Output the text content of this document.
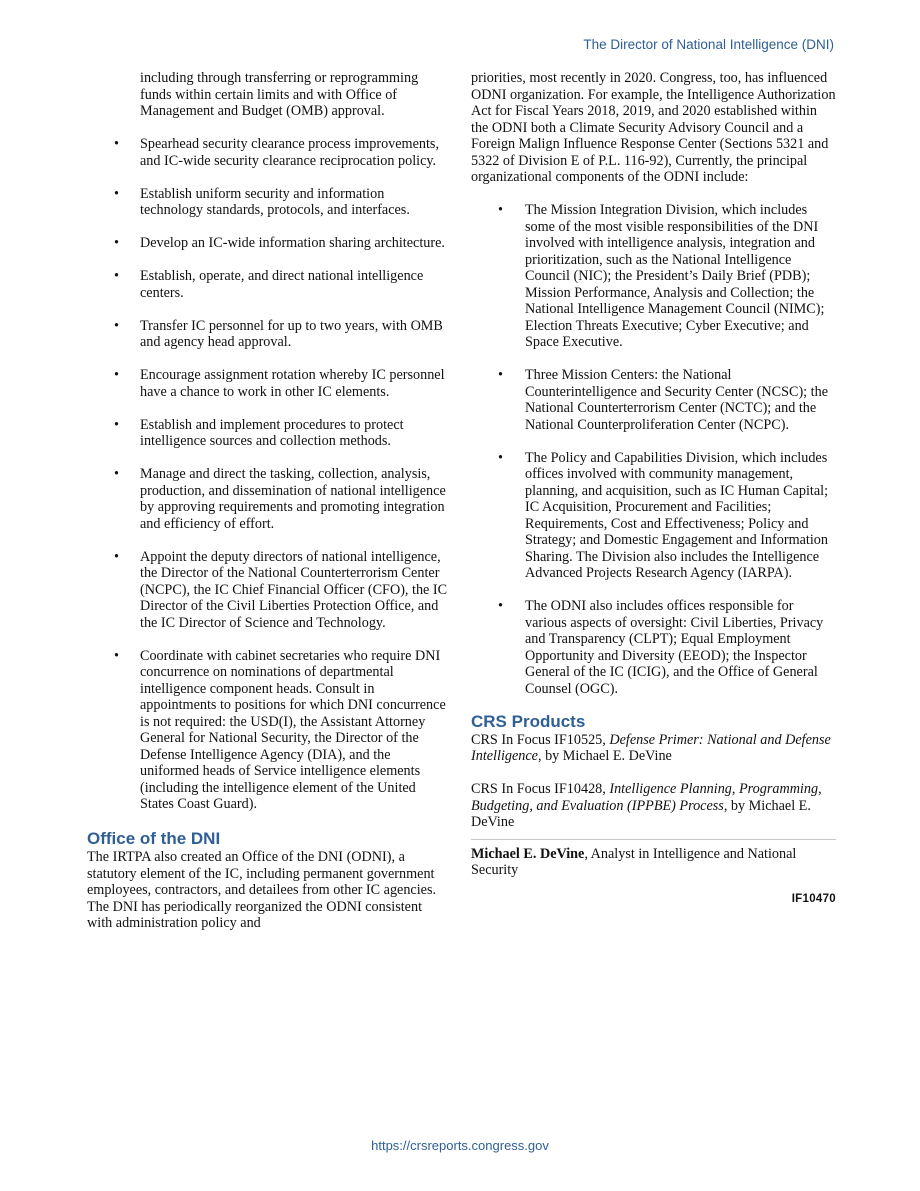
The Director of National Intelligence (DNI)

including through transferring or reprogramming funds within certain limits and with Office of Management and Budget (OMB) approval.

• Spearhead security clearance process improvements, and IC-wide security clearance reciprocation policy.
• Establish uniform security and information technology standards, protocols, and interfaces.
• Develop an IC-wide information sharing architecture.
• Establish, operate, and direct national intelligence centers.
• Transfer IC personnel for up to two years, with OMB and agency head approval.
• Encourage assignment rotation whereby IC personnel have a chance to work in other IC elements.
• Establish and implement procedures to protect intelligence sources and collection methods.
• Manage and direct the tasking, collection, analysis, production, and dissemination of national intelligence by approving requirements and promoting integration and efficiency of effort.
• Appoint the deputy directors of national intelligence, the Director of the National Counterterrorism Center (NCPC), the IC Chief Financial Officer (CFO), the IC Director of the Civil Liberties Protection Office, and the IC Director of Science and Technology.
• Coordinate with cabinet secretaries who require DNI concurrence on nominations of departmental intelligence component heads. Consult in appointments to positions for which DNI concurrence is not required: the USD(I), the Assistant Attorney General for National Security, the Director of the Defense Intelligence Agency (DIA), and the uniformed heads of Service intelligence elements (including the intelligence element of the United States Coast Guard).
Office of the DNI

The IRTPA also created an Office of the DNI (ODNI), a statutory element of the IC, including permanent government employees, contractors, and detailees from other IC agencies. The DNI has periodically reorganized the ODNI consistent with administration policy and

priorities, most recently in 2020. Congress, too, has influenced ODNI organization. For example, the Intelligence Authorization Act for Fiscal Years 2018, 2019, and 2020 established within the ODNI both a Climate Security Advisory Council and a Foreign Malign Influence Response Center (Sections 5321 and 5322 of Division E of P.L. 116-92), Currently, the principal organizational components of the ODNI include:

• The Mission Integration Division, which includes some of the most visible responsibilities of the DNI involved with intelligence analysis, integration and prioritization, such as the National Intelligence Council (NIC); the President’s Daily Brief (PDB); Mission Performance, Analysis and Collection; the National Intelligence Management Council (NIMC); Election Threats Executive; Cyber Executive; and Space Executive.
• Three Mission Centers: the National Counterintelligence and Security Center (NCSC); the National Counterterrorism Center (NCTC); and the National Counterproliferation Center (NCPC).
• The Policy and Capabilities Division, which includes offices involved with community management, planning, and acquisition, such as IC Human Capital; IC Acquisition, Procurement and Facilities; Requirements, Cost and Effectiveness; Policy and Strategy; and Domestic Engagement and Information Sharing. The Division also includes the Intelligence Advanced Projects Research Agency (IARPA).
• The ODNI also includes offices responsible for various aspects of oversight: Civil Liberties, Privacy and Transparency (CLPT); Equal Employment Opportunity and Diversity (EEOD); the Inspector General of the IC (ICIG), and the Office of General Counsel (OGC).
CRS Products

CRS In Focus IF10525, Defense Primer: National and Defense Intelligence, by Michael E. DeVine

CRS In Focus IF10428, Intelligence Planning, Programming, Budgeting, and Evaluation (IPPBE) Process, by Michael E. DeVine

Michael E. DeVine, Analyst in Intelligence and National Security

IF10470
https://crsreports.congress.gov
